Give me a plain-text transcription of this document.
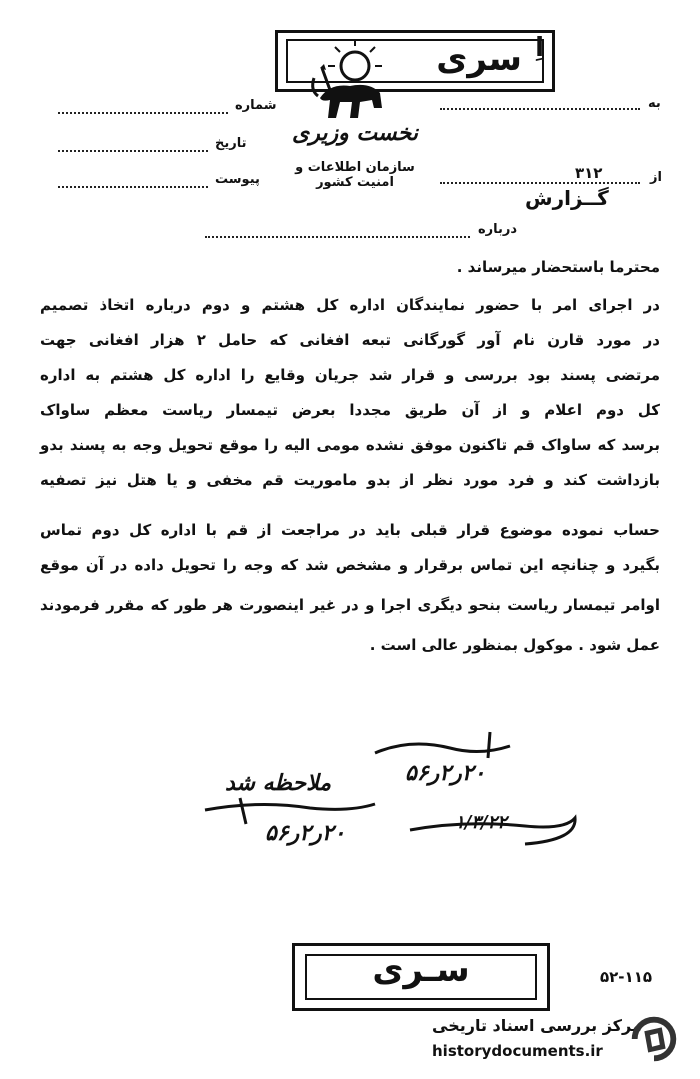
اِ
سری
نخست وزیری
سازمان اطلاعات و امنیت کشور
به
از
۳۱۲
شماره
تاریخ
پیوست
گــزارش
درباره
محترما باستحضار میرساند .
در اجرای امر با حضور نمایندگان اداره کل هشتم و دوم درباره اتخاذ تصمیم
در مورد قارن نام آور گورگانی تبعه افغانی که حامل ۲ هزار افغانی جهت
مرتضی پسند بود بررسی و قرار شد جریان وقایع را اداره کل هشتم به اداره
کل دوم اعلام و از آن طریق مجددا بعرض تیمسار ریاست معظم ساواک
برسد که ساواک قم تاکنون موفق نشده مومی الیه را موقع تحویل وجه به پسند بدو
بازداشت کند و فرد مورد نظر از بدو ماموریت قم مخفی و یا هتل نیز تصفیه
حساب نموده موضوع قرار قبلی باید در مراجعت از قم با اداره کل دوم تماس
بگیرد و چنانچه این تماس برقرار و مشخص شد که وجه را تحویل داده در آن موقع
اوامر تیمسار ریاست بنحو دیگری اجرا و در غیر اینصورت هر طور که مقرر فرمودند
عمل شود . موکول بمنظور عالی است .
۲۰ر۲ر۵۶
۱/۳/۲۲
ملاحظه شد
۲۰ر۲ر۵۶
سـری	۵۲-۱۱۵
مرکز بررسی اسناد تاریخی
historydocuments.ir
